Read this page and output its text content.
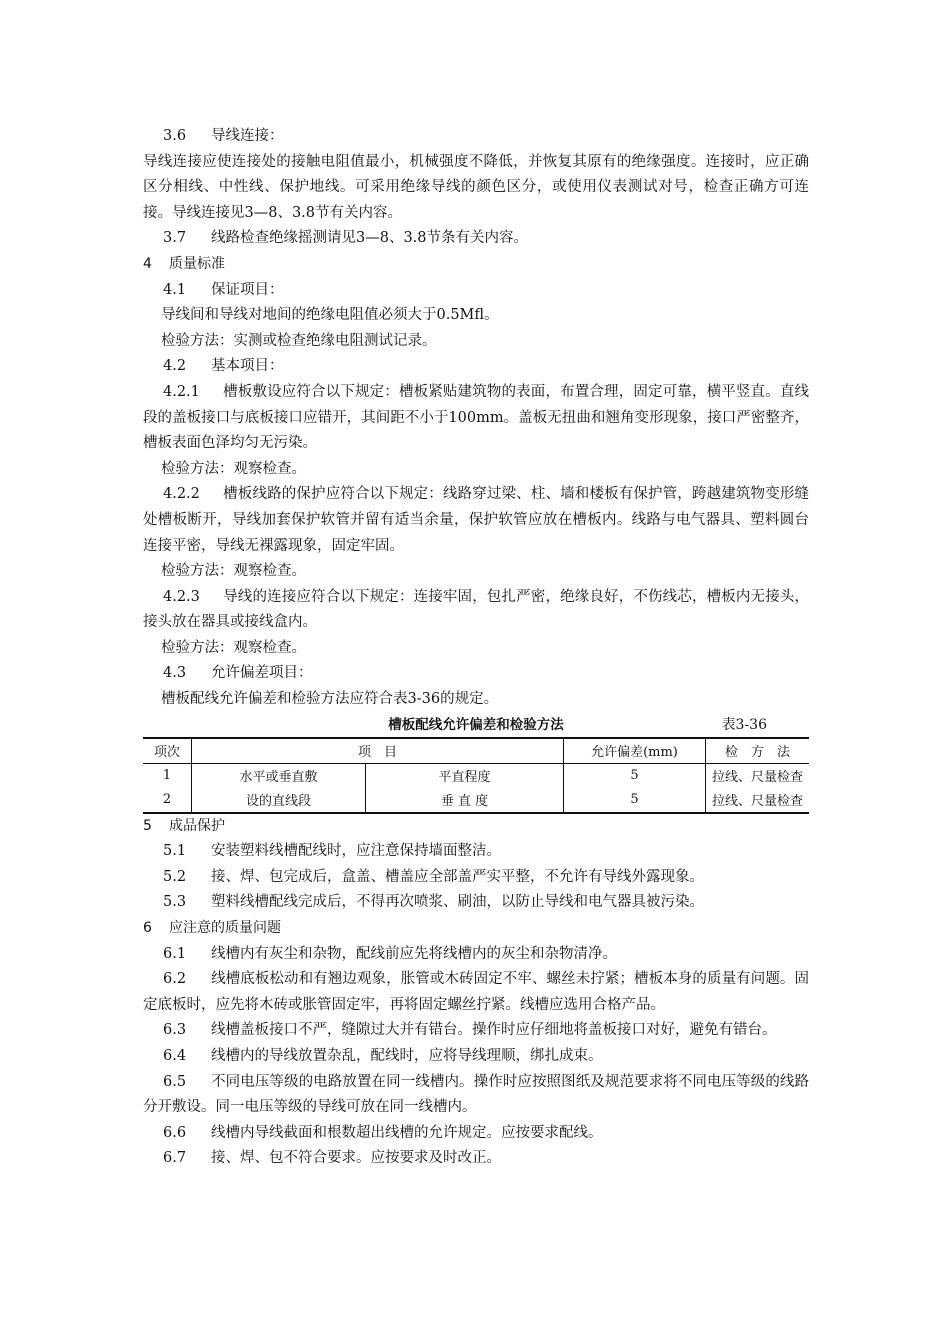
3.6 导线连接：
导线连接应使连接处的接触电阻值最小，机械强度不降低，并恢复其原有的绝缘强度。连接时，应正确区分相线、中性线、保护地线。可采用绝缘导线的颜色区分，或使用仪表测试对号，检查正确方可连接。导线连接见3—8、3.8节有关内容。
3.7 线路检查绝缘摇测请见3—8、3.8节条有关内容。
4 质量标准
4.1 保证项目：
导线间和导线对地间的绝缘电阻值必须大于0.5Mfl。
检验方法：实测或检查绝缘电阻测试记录。
4.2 基本项目：
4.2.1 槽板敷设应符合以下规定：槽板紧贴建筑物的表面，布置合理，固定可靠，横平竖直。直线段的盖板接口与底板接口应错开，其间距不小于100mm。盖板无扭曲和翘角变形现象，接口严密整齐，槽板表面色泽均匀无污染。
检验方法：观察检查。
4.2.2 槽板线路的保护应符合以下规定：线路穿过梁、柱、墙和楼板有保护管，跨越建筑物变形缝处槽板断开，导线加套保护软管并留有适当余量，保护软管应放在槽板内。线路与电气器具、塑料圆台连接平密，导线无裸露现象，固定牢固。
检验方法：观察检查。
4.2.3 导线的连接应符合以下规定：连接牢固，包扎严密，绝缘良好，不伤线芯，槽板内无接头，接头放在器具或接线盒内。
检验方法：观察检查。
4.3 允许偏差项目：
槽板配线允许偏差和检验方法应符合表3-36的规定。
槽板配线允许偏差和检验方法	表3-36
项次	项　目		允许偏差(mm)	检　方　法
1	水平或垂直敷	平直程度	5	拉线、尺量检查
2	设的直线段	垂 直 度	5	拉线、尺量检查
5 成品保护
5.1 安装塑料线槽配线时，应注意保持墙面整洁。
5.2 接、焊、包完成后，盒盖、槽盖应全部盖严实平整，不允许有导线外露现象。
5.3 塑料线槽配线完成后，不得再次喷浆、刷油，以防止导线和电气器具被污染。
6 应注意的质量问题
6.1 线槽内有灰尘和杂物，配线前应先将线槽内的灰尘和杂物清净。
6.2 线槽底板松动和有翘边观象，胀管或木砖固定不牢、螺丝未拧紧；槽板本身的质量有问题。固定底板时，应先将木砖或胀管固定牢，再将固定螺丝拧紧。线槽应选用合格产品。
6.3 线槽盖板接口不严，缝隙过大并有错台。操作时应仔细地将盖板接口对好，避免有错台。
6.4 线槽内的导线放置杂乱，配线时，应将导线理顺，绑扎成束。
6.5 不同电压等级的电路放置在同一线槽内。操作时应按照图纸及规范要求将不同电压等级的线路分开敷设。同一电压等级的导线可放在同一线槽内。
6.6 线槽内导线截面和根数超出线槽的允许规定。应按要求配线。
6.7 接、焊、包不符合要求。应按要求及时改正。
